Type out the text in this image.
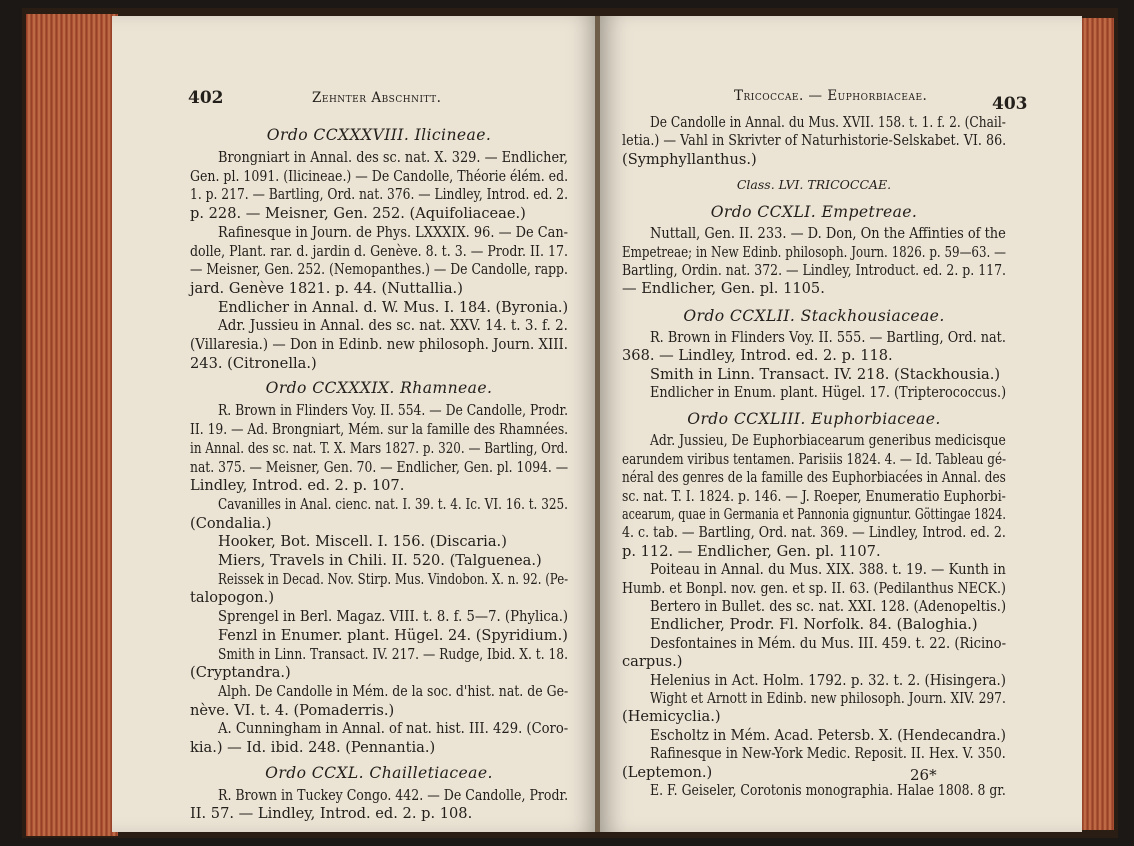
402	Zehnter Abschnitt.
Ordo CCXXXVIII. Ilicineae.
Brongniart in Annal. des sc. nat. X. 329. — Endlicher,
Gen. pl. 1091. (Ilicineae.) — De Candolle, Théorie élém. ed.
1. p. 217. — Bartling, Ord. nat. 376. — Lindley, Introd. ed. 2.
p. 228. — Meisner, Gen. 252. (Aquifoliaceae.)
Rafinesque in Journ. de Phys. LXXXIX. 96. — De Can-
dolle, Plant. rar. d. jardin d. Genève. 8. t. 3. — Prodr. II. 17.
— Meisner, Gen. 252. (Nemopanthes.) — De Candolle, rapp.
jard. Genève 1821. p. 44. (Nuttallia.)
Endlicher in Annal. d. W. Mus. I. 184. (Byronia.)
Adr. Jussieu in Annal. des sc. nat. XXV. 14. t. 3. f. 2.
(Villaresia.) — Don in Edinb. new philosoph. Journ. XIII.
243. (Citronella.)
Ordo CCXXXIX. Rhamneae.
R. Brown in Flinders Voy. II. 554. — De Candolle, Prodr.
II. 19. — Ad. Brongniart, Mém. sur la famille des Rhamnées.
in Annal. des sc. nat. T. X. Mars 1827. p. 320. — Bartling, Ord.
nat. 375. — Meisner, Gen. 70. — Endlicher, Gen. pl. 1094. —
Lindley, Introd. ed. 2. p. 107.
Cavanilles in Anal. cienc. nat. I. 39. t. 4. Ic. VI. 16. t. 325.
(Condalia.)
Hooker, Bot. Miscell. I. 156. (Discaria.)
Miers, Travels in Chili. II. 520. (Talguenea.)
Reissek in Decad. Nov. Stirp. Mus. Vindobon. X. n. 92. (Pe-
talopogon.)
Sprengel in Berl. Magaz. VIII. t. 8. f. 5—7. (Phylica.)
Fenzl in Enumer. plant. Hügel. 24. (Spyridium.)
Smith in Linn. Transact. IV. 217. — Rudge, Ibid. X. t. 18.
(Cryptandra.)
Alph. De Candolle in Mém. de la soc. d'hist. nat. de Ge-
nève. VI. t. 4. (Pomaderris.)
A. Cunningham in Annal. of nat. hist. III. 429. (Corо-
kia.) — Id. ibid. 248. (Pennantia.)
Ordo CCXL. Chailletiaceae.
R. Brown in Tuckey Congo. 442. — De Candolle, Prodr.
II. 57. — Lindley, Introd. ed. 2. p. 108.
Tricoccae. — Euphorbiaceae.	403
De Candolle in Annal. du Mus. XVII. 158. t. 1. f. 2. (Chail-
letia.) — Vahl in Skrivter of Naturhistorie-Selskabet. VI. 86.
(Symphyllanthus.)
Class. LVI. TRICOCCAE.
Ordo CCXLI. Empetreae.
Nuttall, Gen. II. 233. — D. Don, On the Affinties of the
Empetreae; in New Edinb. philosoph. Journ. 1826. p. 59—63. —
Bartling, Ordin. nat. 372. — Lindley, Introduct. ed. 2. p. 117.
— Endlicher, Gen. pl. 1105.
Ordo CCXLII. Stackhousiaceae.
R. Brown in Flinders Voy. II. 555. — Bartling, Ord. nat.
368. — Lindley, Introd. ed. 2. p. 118.
Smith in Linn. Transact. IV. 218. (Stackhousia.)
Endlicher in Enum. plant. Hügel. 17. (Tripterococcus.)
Ordo CCXLIII. Euphorbiaceae.
Adr. Jussieu, De Euphorbiacearum generibus medicisque
earundem viribus tentamen. Parisiis 1824. 4. — Id. Tableau gé-
néral des genres de la famille des Euphorbiacées in Annal. des
sc. nat. T. I. 1824. p. 146. — J. Roeper, Enumeratio Euphorbi-
acearum, quae in Germania et Pannonia gignuntur. Göttingae 1824.
4. c. tab. — Bartling, Ord. nat. 369. — Lindley, Introd. ed. 2.
p. 112. — Endlicher, Gen. pl. 1107.
Poiteau in Annal. du Mus. XIX. 388. t. 19. — Kunth in
Humb. et Bonpl. nov. gen. et sp. II. 63. (Pedilanthus NECK.)
Bertero in Bullet. des sc. nat. XXI. 128. (Adenopeltis.)
Endlicher, Prodr. Fl. Norfolk. 84. (Baloghia.)
Desfontaines in Mém. du Mus. III. 459. t. 22. (Ricino-
carpus.)
Helenius in Act. Holm. 1792. p. 32. t. 2. (Hisingera.)
Wight et Arnott in Edinb. new philosoph. Journ. XIV. 297.
(Hemicyclia.)
Escholtz in Mém. Acad. Petersb. X. (Hendecandra.)
Rafinesque in New-York Medic. Reposit. II. Hex. V. 350.
(Leptemon.)
E. F. Geiseler, Corotonis monographia. Halae 1808. 8 gr.
26*
